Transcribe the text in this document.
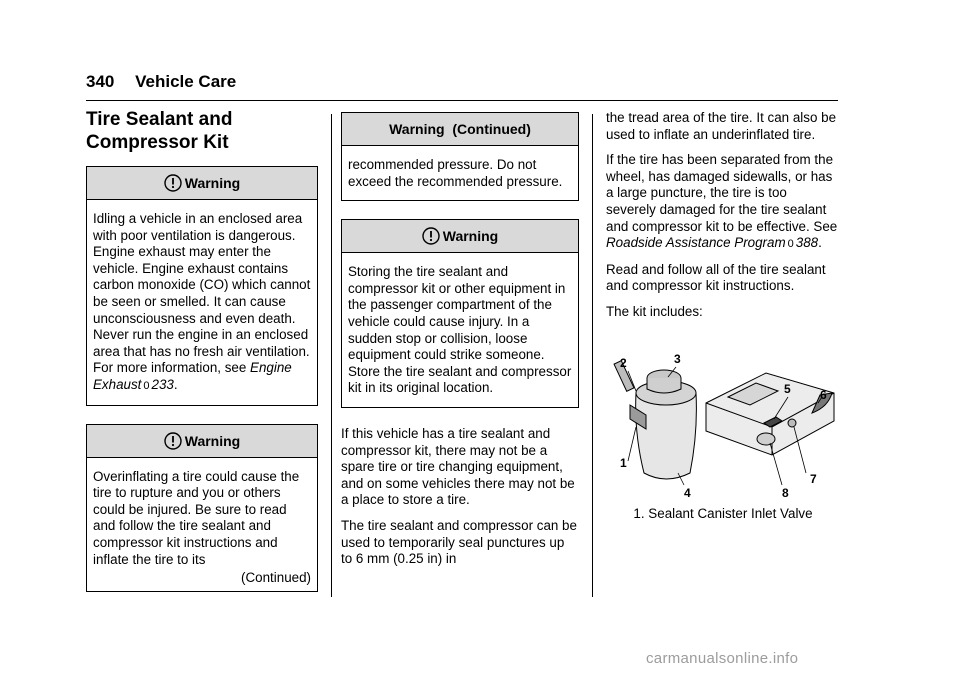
340 Vehicle Care
Tire Sealant and Compressor Kit
Warning

Idling a vehicle in an enclosed area with poor ventilation is dangerous. Engine exhaust may enter the vehicle. Engine exhaust contains carbon monoxide (CO) which cannot be seen or smelled. It can cause unconsciousness and even death. Never run the engine in an enclosed area that has no fresh air ventilation. For more information, see Engine Exhaust 0 233.

Warning

Overinflating a tire could cause the tire to rupture and you or others could be injured. Be sure to read and follow the tire sealant and compressor kit instructions and inflate the tire to its

(Continued)
Warning  (Continued)

recommended pressure. Do not exceed the recommended pressure.

Warning

Storing the tire sealant and compressor kit or other equipment in the passenger compartment of the vehicle could cause injury. In a sudden stop or collision, loose equipment could strike someone. Store the tire sealant and compressor kit in its original location.

If this vehicle has a tire sealant and compressor kit, there may not be a spare tire or tire changing equipment, and on some vehicles there may not be a place to store a tire.

The tire sealant and compressor can be used to temporarily seal punctures up to 6 mm (0.25 in) in

the tread area of the tire. It can also be used to inflate an underinflated tire.

If the tire has been separated from the wheel, has damaged sidewalls, or has a large puncture, the tire is too severely damaged for the tire sealant and compressor kit to be effective. See Roadside Assistance Program 0 388.

Read and follow all of the tire sealant and compressor kit instructions.

The kit includes:

1
2	3
4
5 6
7
8
1. Sealant Canister Inlet Valve
carmanualsonline.info
